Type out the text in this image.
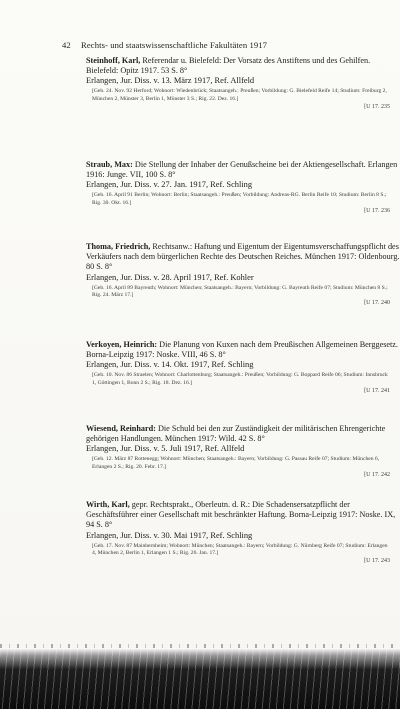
42 Rechts- und staatswissenschaftliche Fakultäten 1917
Steinhoff, Karl, Referendar u. Bielefeld: Der Vorsatz des Anstiftens und des Gehilfen. Bielefeld: Opitz 1917. 53 S. 8°
Erlangen, Jur. Diss. v. 13. März 1917, Ref. Allfeld
[Geb. 24. Nov. 92 Herford; Wohnort: Wiedenbrück; Staatsangeh.: Preußen; Vorbildung: G. Bielefeld Reife 14; Studium: Freiburg 2, München 2, Münster 3, Berlin 1, Münster 3 S.; Rig. 22. Dez. 16.]
[U 17. 235
Straub, Max: Die Stellung der Inhaber der Genußscheine bei der Aktiengesellschaft. Erlangen 1916: Junge. VII, 100 S. 8°
Erlangen, Jur. Diss. v. 27. Jan. 1917, Ref. Schling
[Geb. 16. April 91 Berlin; Wohnort: Berlin; Staatsangeh.: Preußen; Vorbildung: Andreas-RG. Berlin Reife 10; Studium: Berlin 8 S.; Rig. 30. Okt. 16.]
[U 17. 236
Thoma, Friedrich, Rechtsanw.: Haftung und Eigentum der Eigentumsverschaffungspflicht des Verkäufers nach dem bürgerlichen Rechte des Deutschen Reiches. München 1917: Oldenbourg. 80 S. 8°
Erlangen, Jur. Diss. v. 28. April 1917, Ref. Kohler
[Geb. 16. April 89 Bayreuth; Wohnort: München; Staatsangeh.: Bayern; Vorbildung: G. Bayreuth Reife 07; Studium: München 8 S.; Rig. 24. März 17.]
[U 17. 240
Verkoyen, Heinrich: Die Planung von Kuxen nach dem Preußischen Allgemeinen Berggesetz. Borna-Leipzig 1917: Noske. VIII, 46 S. 8°
Erlangen, Jur. Diss. v. 14. Okt. 1917, Ref. Schling
[Geb. 10. Nov. 86 Straelen; Wohnort: Charlottenburg; Staatsangeh.: Preußen; Vorbildung: G. Boppard Reife 06; Studium: Innsbruck 1, Göttingen 1, Bonn 2 S.; Rig. 18. Dez. 16.]
[U 17. 241
Wiesend, Reinhard: Die Schuld bei den zur Zuständigkeit der militärischen Ehrengerichte gehörigen Handlungen. München 1917: Wild. 42 S. 8°
Erlangen, Jur. Diss. v. 5. Juli 1917, Ref. Allfeld
[Geb. 12. März 87 Rottenegg; Wohnort: München; Staatsangeh.: Bayern; Vorbildung: G. Passau Reife 07; Studium: München 6, Erlangen 2 S.; Rig. 20. Febr. 17.]
[U 17. 242
Wirth, Karl, gepr. Rechtsprakt., Oberleutn. d. R.: Die Schadensersatzpflicht der Geschäftsführer einer Gesellschaft mit beschränkter Haftung. Borna-Leipzig 1917: Noske. IX, 94 S. 8°
Erlangen, Jur. Diss. v. 30. Mai 1917, Ref. Schling
[Geb. 17. Nov. 87 Mainbernheim; Wohnort: München; Staatsangeh.: Bayern; Vorbildung: G. Nürnberg Reife 07; Studium: Erlangen 4, München 2, Berlin 1, Erlangen 1 S.; Rig. 26. Jan. 17.]
[U 17. 243
